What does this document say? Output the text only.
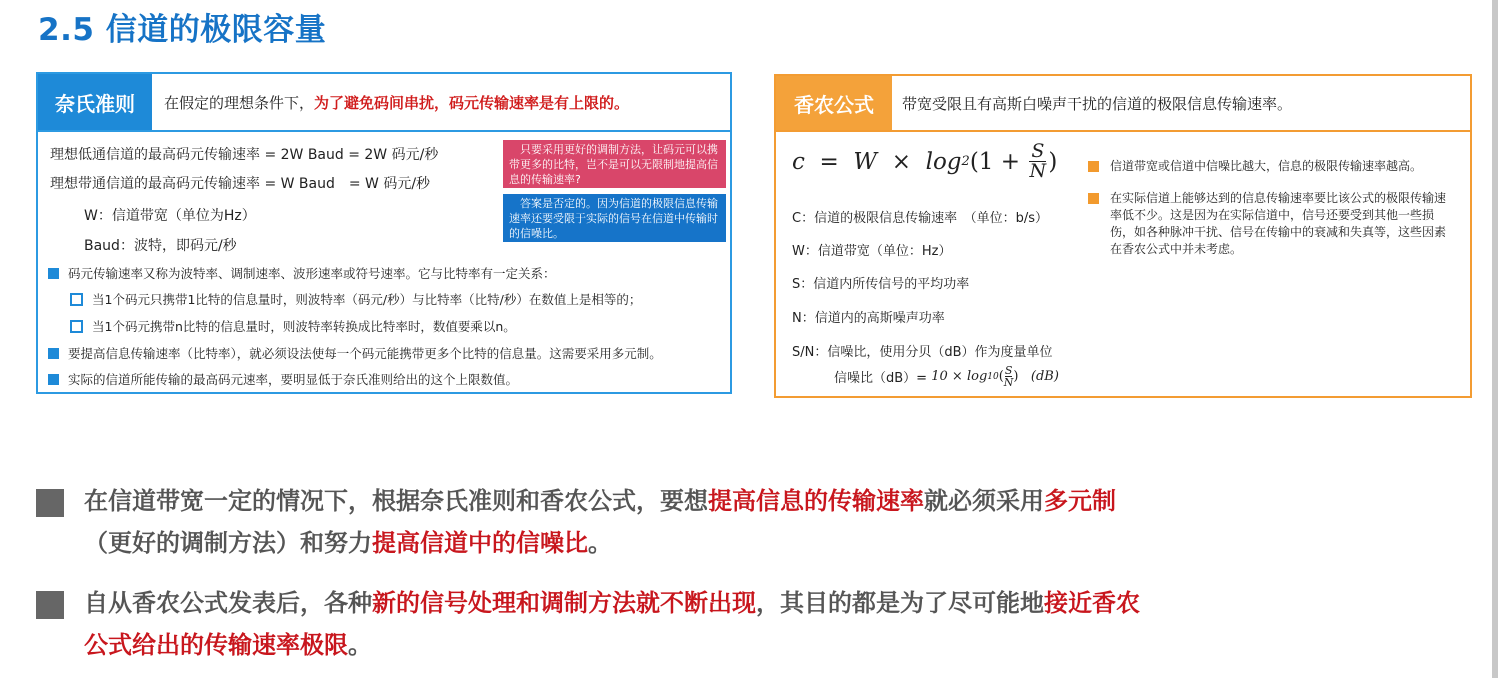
2.5 信道的极限容量
奈氏准则	在假定的理想条件下， 为了避免码间串扰，码元传输速率是有上限的。
理想低通信道的最高码元传输速率 = 2W Baud = 2W 码元/秒
理想带通信道的最高码元传输速率 = W Baud　= W 码元/秒
W：信道带宽（单位为Hz）
Baud：波特，即码元/秒
　只要采用更好的调制方法，让码元可以携带更多的比特，岂不是可以无限制地提高信息的传输速率?
　答案是否定的。因为信道的极限信息传输速率还要受限于实际的信号在信道中传输时的信噪比。
码元传输速率又称为波特率、调制速率、波形速率或符号速率。它与比特率有一定关系：
当1个码元只携带1比特的信息量时，则波特率（码元/秒）与比特率（比特/秒）在数值上是相等的；
当1个码元携带n比特的信息量时，则波特率转换成比特率时，数值要乘以n。
要提高信息传输速率（比特率），就必须设法使每一个码元能携带更多个比特的信息量。这需要采用多元制。
实际的信道所能传输的最高码元速率，要明显低于奈氏准则给出的这个上限数值。
香农公式	带宽受限且有高斯白噪声干扰的信道的极限信息传输速率。
c
=
W
×
log 2 (1 +
$\frac{S}{N}$ )
C：信道的极限信息传输速率　（单位：b/s）
W：信道带宽（单位：Hz）
S：信道内所传信号的平均功率
N：信道内的高斯噪声功率
S/N：信噪比，使用分贝（dB）作为度量单位
信噪比（dB）=
10
×
log 10 ( $\frac{S}{N}$ )
(dB)
信道带宽或信道中信噪比越大，信息的极限传输速率越高。
在实际信道上能够达到的信息传输速率要比该公式的极限传输速率低不少。这是因为在实际信道中，信号还要受到其他一些损伤，如各种脉冲干扰、信号在传输中的衰减和失真等，这些因素在香农公式中并未考虑。
在信道带宽一定的情况下，根据奈氏准则和香农公式，要想提高信息的传输速率就必须采用多元制（更好的调制方法）和努力提高信道中的信噪比。
自从香农公式发表后，各种新的信号处理和调制方法就不断出现，其目的都是为了尽可能地接近香农公式给出的传输速率极限。
